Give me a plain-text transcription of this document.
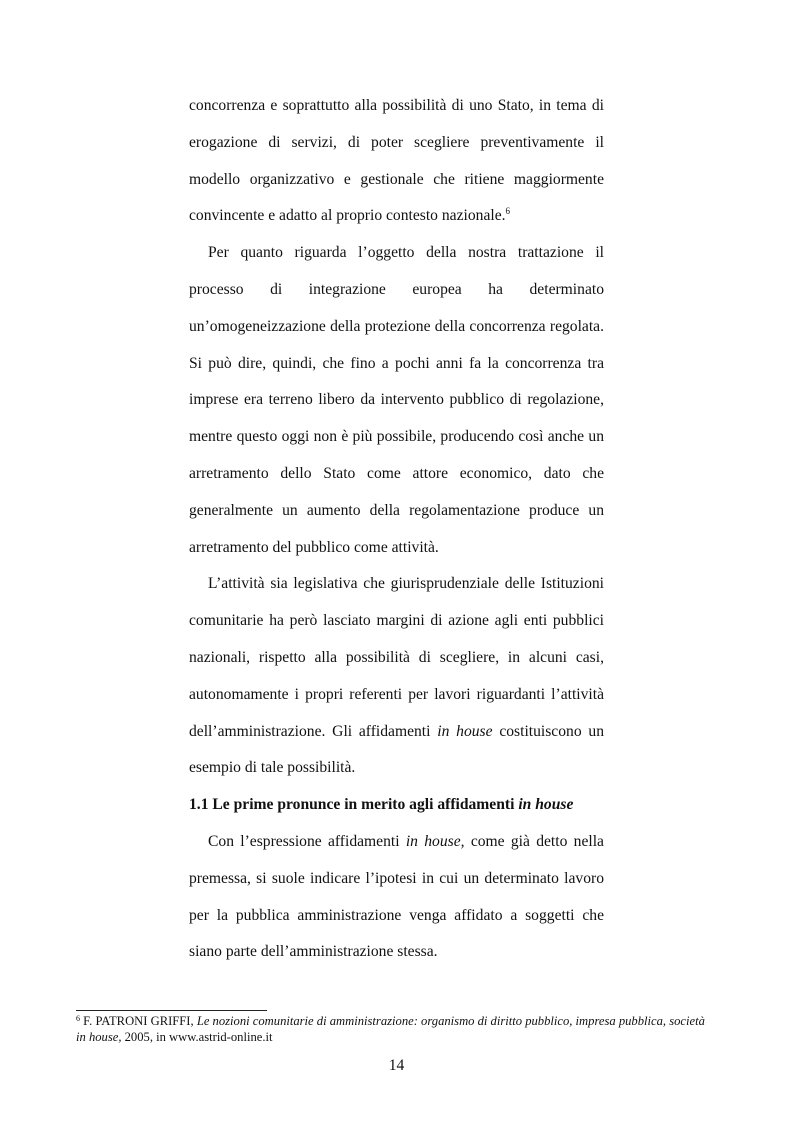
concorrenza e soprattutto alla possibilità di uno Stato, in tema di erogazione di servizi, di poter scegliere preventivamente il modello organizzativo e gestionale che ritiene maggiormente convincente e adatto al proprio contesto nazionale.$^6$

Per quanto riguarda l’oggetto della nostra trattazione il processo di integrazione europea ha determinato un’omogeneizzazione della protezione della concorrenza regolata. Si può dire, quindi, che fino a pochi anni fa la concorrenza tra imprese era terreno libero da intervento pubblico di regolazione, mentre questo oggi non è più possibile, producendo così anche un arretramento dello Stato come attore economico, dato che generalmente un aumento della regolamentazione produce un arretramento del pubblico come attività.

L’attività sia legislativa che giurisprudenziale delle Istituzioni comunitarie ha però lasciato margini di azione agli enti pubblici nazionali, rispetto alla possibilità di scegliere, in alcuni casi, autonomamente i propri referenti per lavori riguardanti l’attività dell’amministrazione. Gli affidamenti in house costituiscono un esempio di tale possibilità.

1.1 Le prime pronunce in merito agli affidamenti in house

Con l’espressione affidamenti in house, come già detto nella premessa, si suole indicare l’ipotesi in cui un determinato lavoro per la pubblica amministrazione venga affidato a soggetti che siano parte dell’amministrazione stessa.

$^6$ F. PATRONI GRIFFI, Le nozioni comunitarie di amministrazione: organismo di diritto pubblico, impresa pubblica, società in house, 2005, in www.astrid-online.it
14
